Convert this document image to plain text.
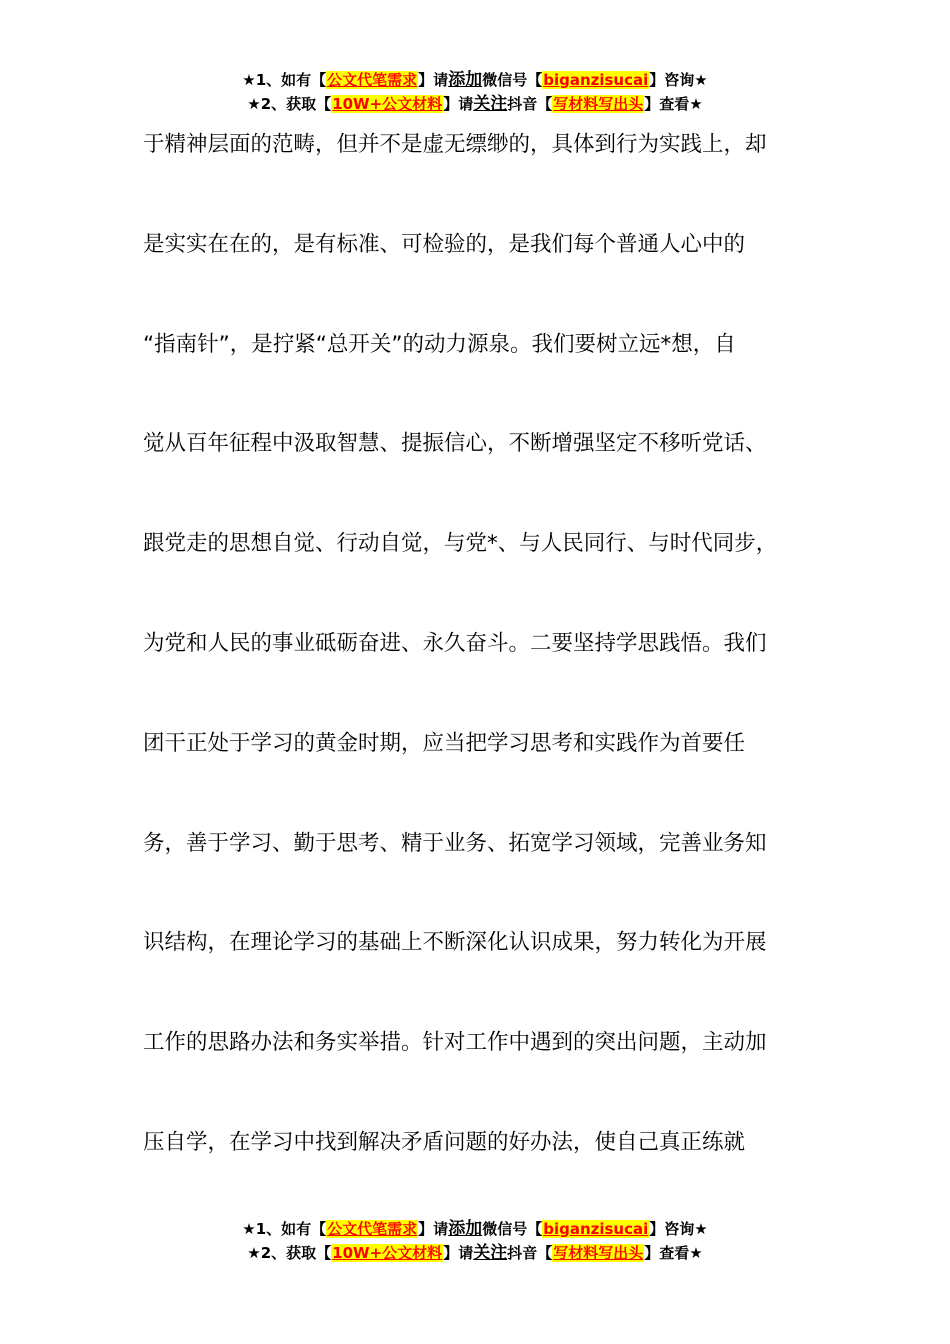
★1、如有【公文代笔需求】请添加微信号【biganzisucai】咨询★
★2、获取【10W+公文材料】请关注抖音【写材料写出头】查看★
于精神层面的范畴，但并不是虚无缥缈的，具体到行为实践上，却
是实实在在的，是有标准、可检验的，是我们每个普通人心中的
“指南针”，是拧紧“总开关”的动力源泉。我们要树立远*想，自
觉从百年征程中汲取智慧、提振信心，不断增强坚定不移听党话、
跟党走的思想自觉、行动自觉，与党*、与人民同行、与时代同步，
为党和人民的事业砥砺奋进、永久奋斗。二要坚持学思践悟。我们
团干正处于学习的黄金时期，应当把学习思考和实践作为首要任
务，善于学习、勤于思考、精于业务、拓宽学习领域，完善业务知
识结构，在理论学习的基础上不断深化认识成果，努力转化为开展
工作的思路办法和务实举措。针对工作中遇到的突出问题，主动加
压自学，在学习中找到解决矛盾问题的好办法，使自己真正练就
★1、如有【公文代笔需求】请添加微信号【biganzisucai】咨询★
★2、获取【10W+公文材料】请关注抖音【写材料写出头】查看★
